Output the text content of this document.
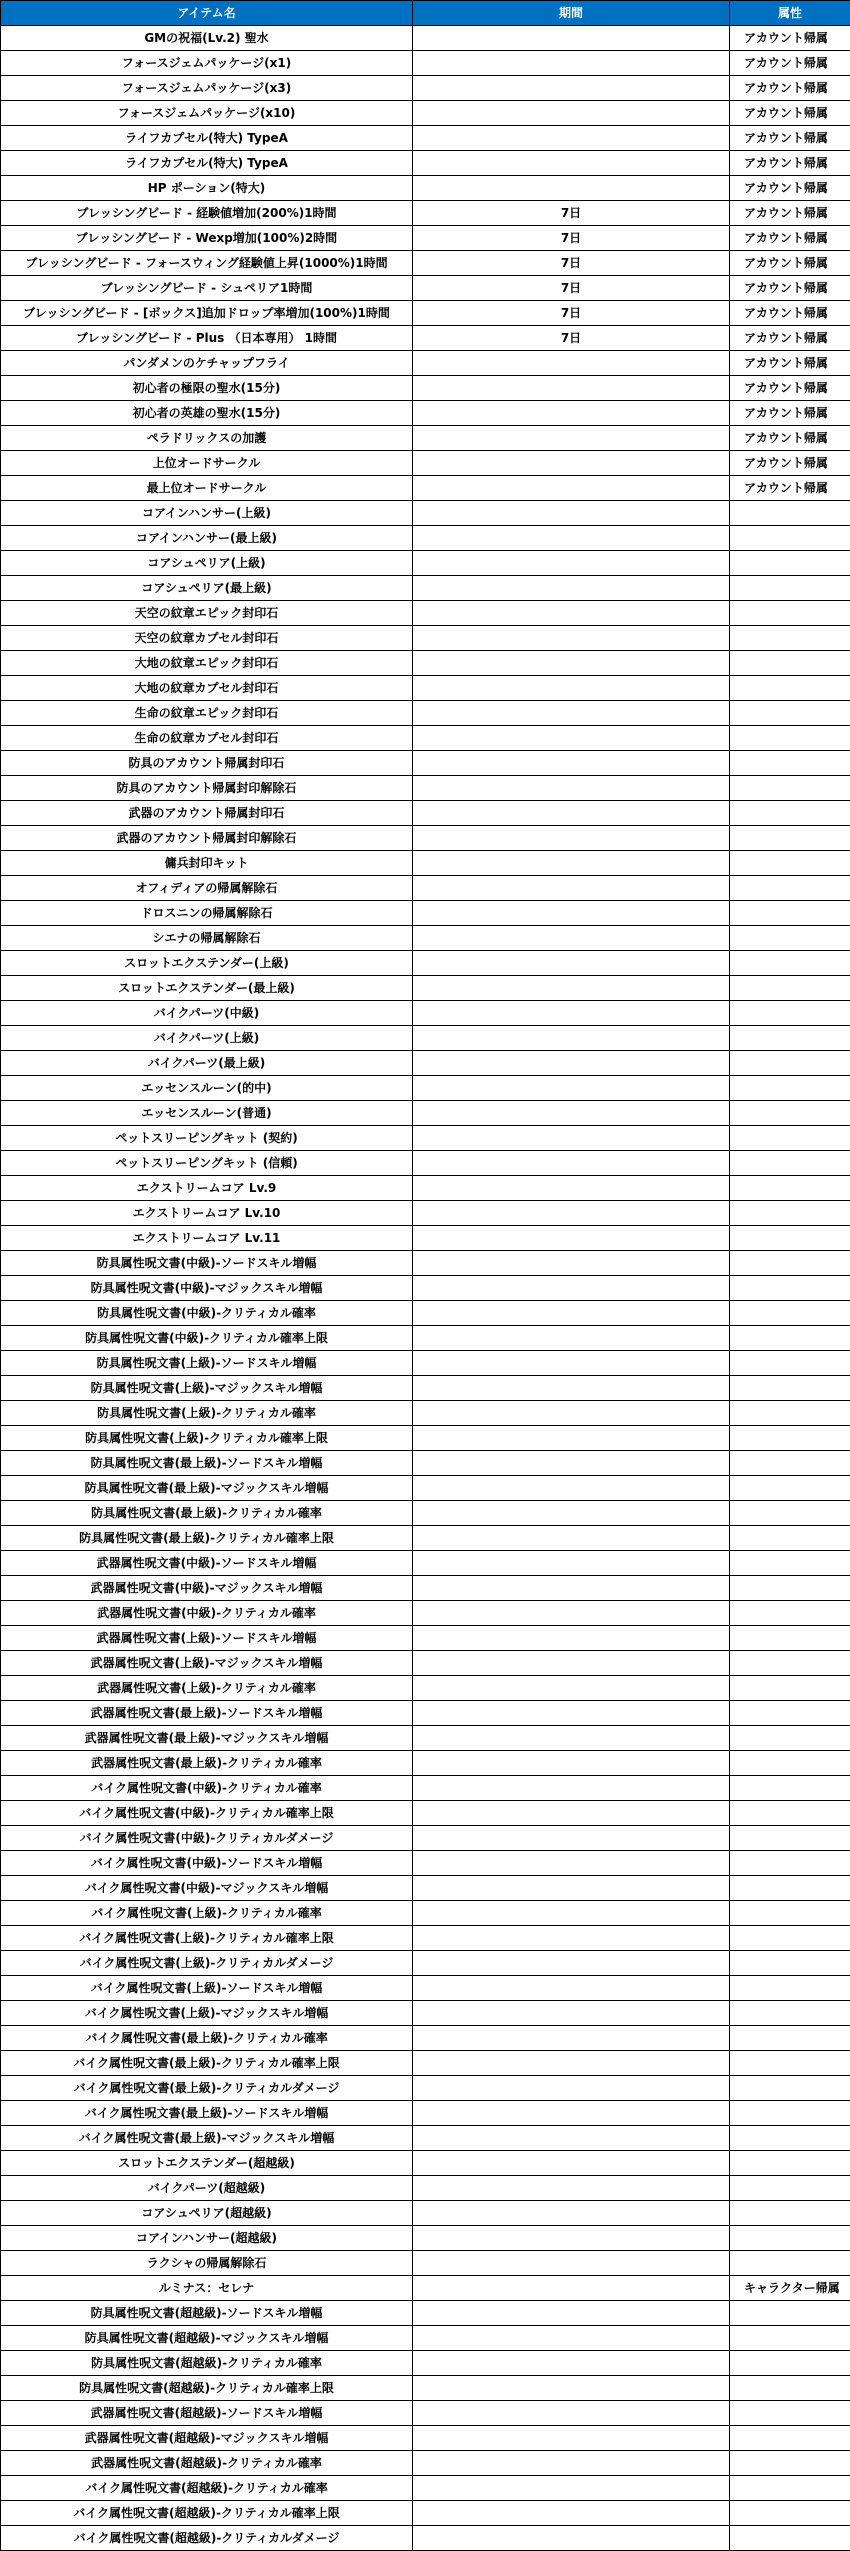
アイテム名	期間	属性
GMの祝福(Lv.2) 聖水		アカウント帰属
フォースジェムパッケージ(x1)		アカウント帰属
フォースジェムパッケージ(x3)		アカウント帰属
フォースジェムパッケージ(x10)		アカウント帰属
ライフカプセル(特大) TypeA		アカウント帰属
ライフカプセル(特大) TypeA		アカウント帰属
HP ポーション(特大)		アカウント帰属
ブレッシングビード - 経験値増加(200%)1時間	7日	アカウント帰属
ブレッシングビード - Wexp増加(100%)2時間	7日	アカウント帰属
ブレッシングビード - フォースウィング経験値上昇(1000%)1時間	7日	アカウント帰属
ブレッシングビード - シュペリア1時間	7日	アカウント帰属
ブレッシングビード - [ボックス]追加ドロップ率増加(100%)1時間	7日	アカウント帰属
ブレッシングビード - Plus （日本専用） 1時間	7日	アカウント帰属
パンダメンのケチャップフライ		アカウント帰属
初心者の極限の聖水(15分)		アカウント帰属
初心者の英雄の聖水(15分)		アカウント帰属
ペラドリックスの加護		アカウント帰属
上位オードサークル		アカウント帰属
最上位オードサークル		アカウント帰属
コアインハンサー(上級)		
コアインハンサー(最上級)		
コアシュペリア(上級)		
コアシュペリア(最上級)		
天空の紋章エピック封印石		
天空の紋章カプセル封印石		
大地の紋章エピック封印石		
大地の紋章カプセル封印石		
生命の紋章エピック封印石		
生命の紋章カプセル封印石		
防具のアカウント帰属封印石		
防具のアカウント帰属封印解除石		
武器のアカウント帰属封印石		
武器のアカウント帰属封印解除石		
傭兵封印キット		
オフィディアの帰属解除石		
ドロスニンの帰属解除石		
シエナの帰属解除石		
スロットエクステンダー(上級)		
スロットエクステンダー(最上級)		
バイクパーツ(中級)		
バイクパーツ(上級)		
バイクパーツ(最上級)		
エッセンスルーン(的中)		
エッセンスルーン(普通)		
ペットスリーピングキット (契約)		
ペットスリーピングキット (信頼)		
エクストリームコア Lv.9		
エクストリームコア Lv.10		
エクストリームコア Lv.11		
防具属性呪文書(中級)-ソードスキル増幅		
防具属性呪文書(中級)-マジックスキル増幅		
防具属性呪文書(中級)-クリティカル確率		
防具属性呪文書(中級)-クリティカル確率上限		
防具属性呪文書(上級)-ソードスキル増幅		
防具属性呪文書(上級)-マジックスキル増幅		
防具属性呪文書(上級)-クリティカル確率		
防具属性呪文書(上級)-クリティカル確率上限		
防具属性呪文書(最上級)-ソードスキル増幅		
防具属性呪文書(最上級)-マジックスキル増幅		
防具属性呪文書(最上級)-クリティカル確率		
防具属性呪文書(最上級)-クリティカル確率上限		
武器属性呪文書(中級)-ソードスキル増幅		
武器属性呪文書(中級)-マジックスキル増幅		
武器属性呪文書(中級)-クリティカル確率		
武器属性呪文書(上級)-ソードスキル増幅		
武器属性呪文書(上級)-マジックスキル増幅		
武器属性呪文書(上級)-クリティカル確率		
武器属性呪文書(最上級)-ソードスキル増幅		
武器属性呪文書(最上級)-マジックスキル増幅		
武器属性呪文書(最上級)-クリティカル確率		
バイク属性呪文書(中級)-クリティカル確率		
バイク属性呪文書(中級)-クリティカル確率上限		
バイク属性呪文書(中級)-クリティカルダメージ		
バイク属性呪文書(中級)-ソードスキル増幅		
バイク属性呪文書(中級)-マジックスキル増幅		
バイク属性呪文書(上級)-クリティカル確率		
バイク属性呪文書(上級)-クリティカル確率上限		
バイク属性呪文書(上級)-クリティカルダメージ		
バイク属性呪文書(上級)-ソードスキル増幅		
バイク属性呪文書(上級)-マジックスキル増幅		
バイク属性呪文書(最上級)-クリティカル確率		
バイク属性呪文書(最上級)-クリティカル確率上限		
バイク属性呪文書(最上級)-クリティカルダメージ		
バイク属性呪文書(最上級)-ソードスキル増幅		
バイク属性呪文書(最上級)-マジックスキル増幅		
スロットエクステンダー(超越級)		
バイクパーツ(超越級)		
コアシュペリア(超越級)		
コアインハンサー(超越級)		
ラクシャの帰属解除石		
ルミナス：セレナ		キャラクター帰属
防具属性呪文書(超越級)-ソードスキル増幅		
防具属性呪文書(超越級)-マジックスキル増幅		
防具属性呪文書(超越級)-クリティカル確率		
防具属性呪文書(超越級)-クリティカル確率上限		
武器属性呪文書(超越級)-ソードスキル増幅		
武器属性呪文書(超越級)-マジックスキル増幅		
武器属性呪文書(超越級)-クリティカル確率		
バイク属性呪文書(超越級)-クリティカル確率		
バイク属性呪文書(超越級)-クリティカル確率上限		
バイク属性呪文書(超越級)-クリティカルダメージ		
